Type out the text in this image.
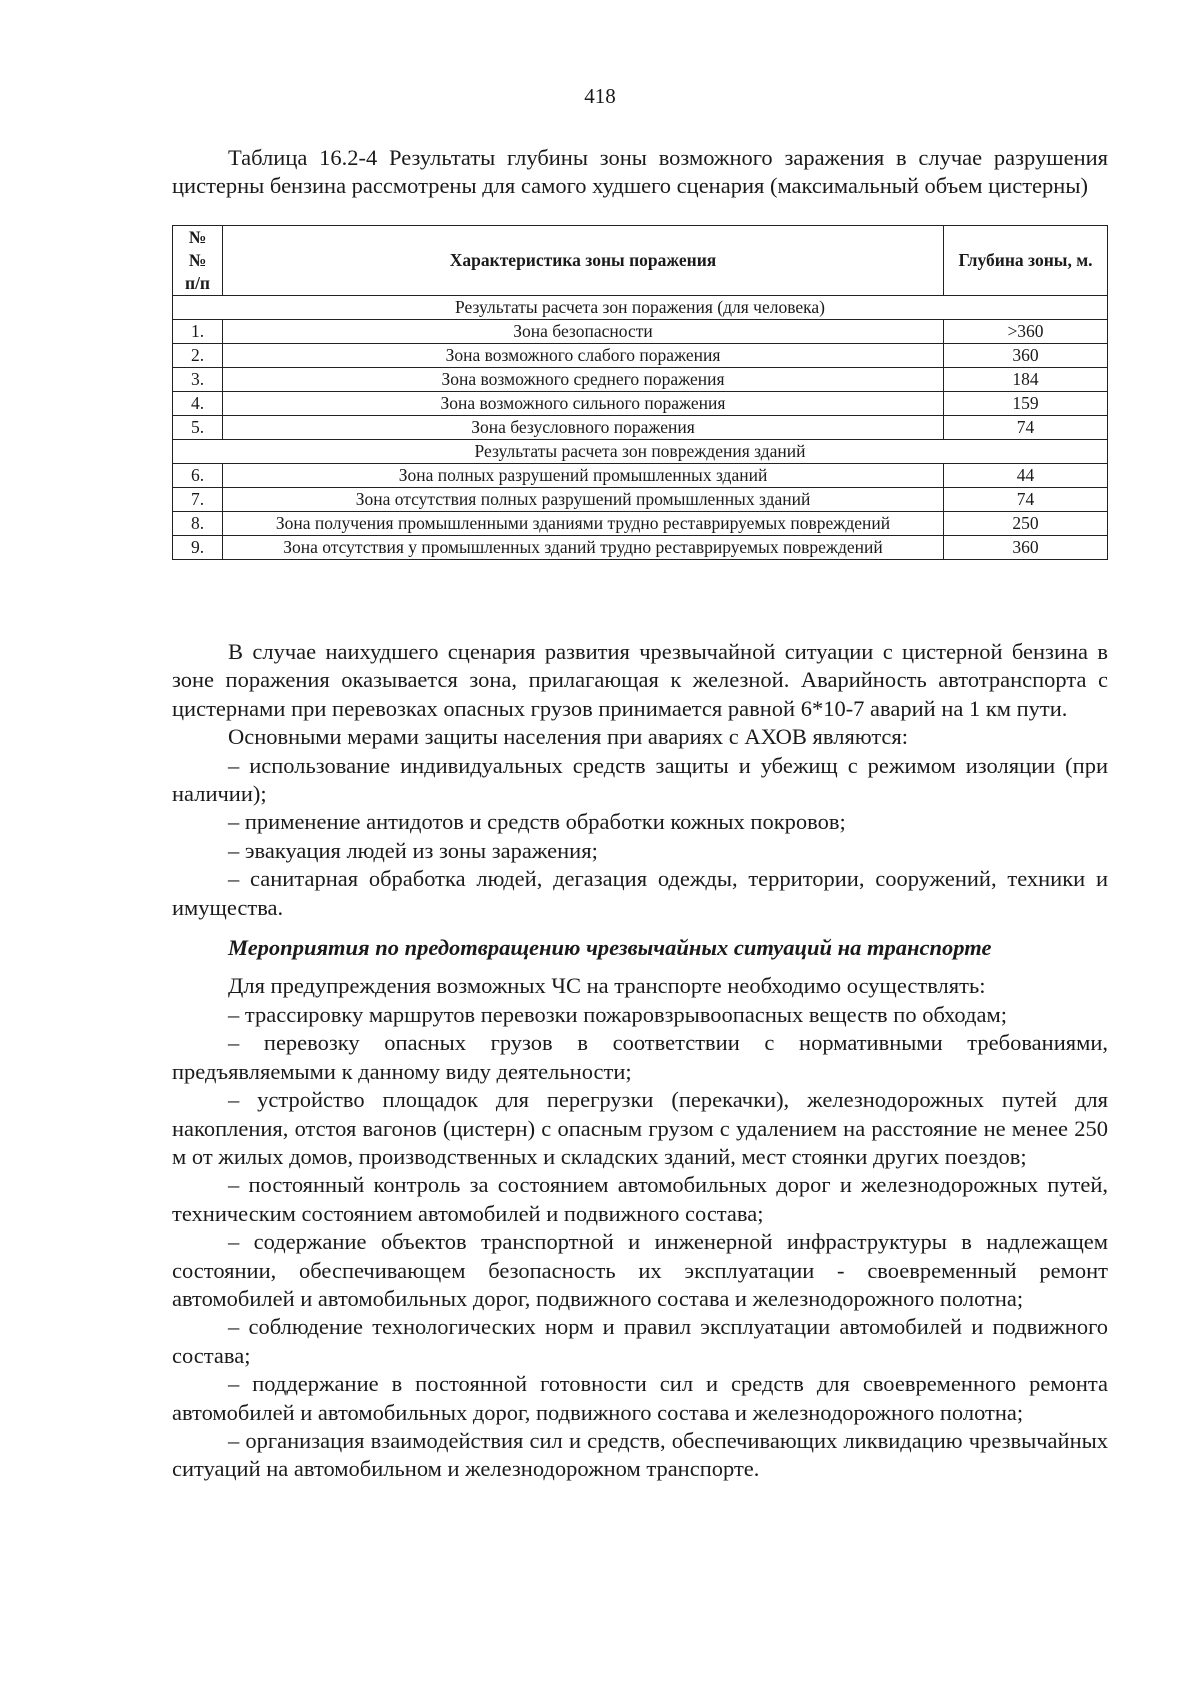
418

Таблица 16.2-4 Результаты глубины зоны возможного заражения в случае разрушения цистерны бензина рассмотрены для самого худшего сценария (максимальный объем цистерны)

№
№
п/п	Характеристика зоны поражения	Глубина зоны, м.
Результаты расчета зон поражения (для человека)		
1.	Зона безопасности	>360
2.	Зона возможного слабого поражения	360
3.	Зона возможного среднего поражения	184
4.	Зона возможного сильного поражения	159
5.	Зона безусловного поражения	74
Результаты расчета зон повреждения зданий		
6.	Зона полных разрушений промышленных зданий	44
7.	Зона отсутствия полных разрушений промышленных зданий	74
8.	Зона получения промышленными зданиями трудно реставрируемых повреждений	250
9.	Зона отсутствия у промышленных зданий трудно реставрируемых повреждений	360

В случае наихудшего сценария развития чрезвычайной ситуации с цистерной бензина в зоне поражения оказывается зона, прилагающая к железной. Аварийность автотранспорта с цистернами при перевозках опасных грузов принимается равной 6*10-7 аварий на 1 км пути.

Основными мерами защиты населения при авариях с АХОВ являются:

– использование индивидуальных средств защиты и убежищ с режимом изоляции (при наличии);

– применение антидотов и средств обработки кожных покровов;

– эвакуация людей из зоны заражения;

– санитарная обработка людей, дегазация одежды, территории, сооружений, техники и имущества.

Мероприятия по предотвращению чрезвычайных ситуаций на транспорте

Для предупреждения возможных ЧС на транспорте необходимо осуществлять:

– трассировку маршрутов перевозки пожаровзрывоопасных веществ по обходам;

– перевозку опасных грузов в соответствии с нормативными требованиями, предъявляемыми к данному виду деятельности;

– устройство площадок для перегрузки (перекачки), железнодорожных путей для накопления, отстоя вагонов (цистерн) с опасным грузом с удалением на расстояние не менее 250 м от жилых домов, производственных и складских зданий, мест стоянки других поездов;

– постоянный контроль за состоянием автомобильных дорог и железнодорожных путей, техническим состоянием автомобилей и подвижного состава;

– содержание объектов транспортной и инженерной инфраструктуры в надлежащем состоянии, обеспечивающем безопасность их эксплуатации - своевременный ремонт автомобилей и автомобильных дорог, подвижного состава и железнодорожного полотна;

– соблюдение технологических норм и правил эксплуатации автомобилей и подвижного состава;

– поддержание в постоянной готовности сил и средств для своевременного ремонта автомобилей и автомобильных дорог, подвижного состава и железнодорожного полотна;

– организация взаимодействия сил и средств, обеспечивающих ликвидацию чрезвычайных ситуаций на автомобильном и железнодорожном транспорте.
